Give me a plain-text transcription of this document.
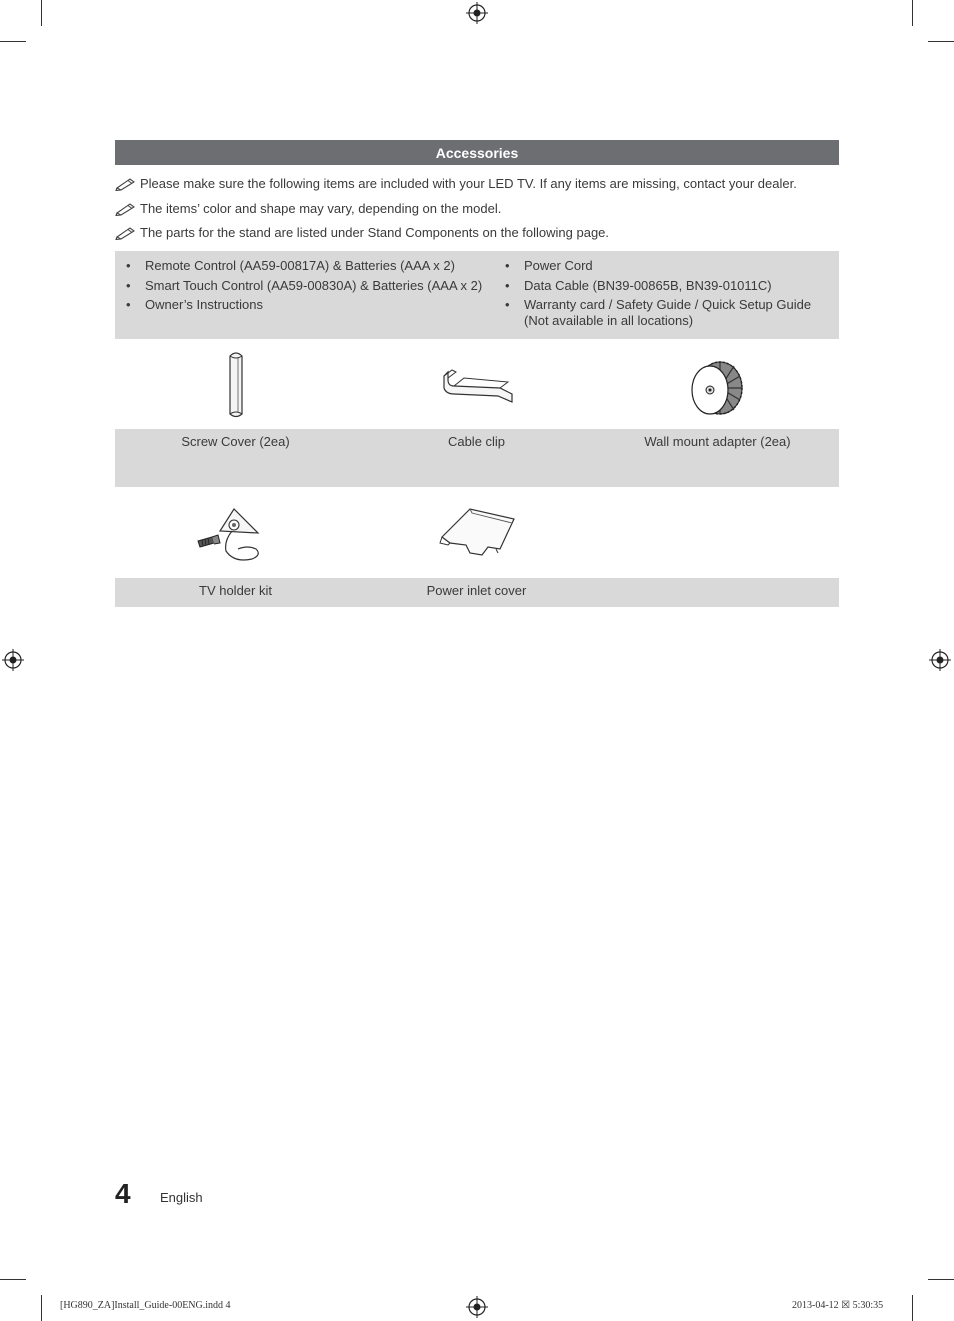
Accessories
Please make sure the following items are included with your LED TV. If any items are missing, contact your dealer.
The items’ color and shape may vary, depending on the model.
The parts for the stand are listed under Stand Components on the following page.
• Remote Control (AA59-00817A) & Batteries (AAA x 2)
• Smart Touch Control (AA59-00830A) & Batteries (AAA x 2)
• Owner’s Instructions
• Power Cord
• Data Cable (BN39-00865B, BN39-01011C)
• Warranty card / Safety Guide / Quick Setup Guide
(Not available in all locations)
Screw Cover (2ea)	Cable clip	Wall mount adapter (2ea)
TV holder kit	Power inlet cover
4 English
[HG890_ZA]Install_Guide-00ENG.indd 4	2013-04-12 ☒ 5:30:35
